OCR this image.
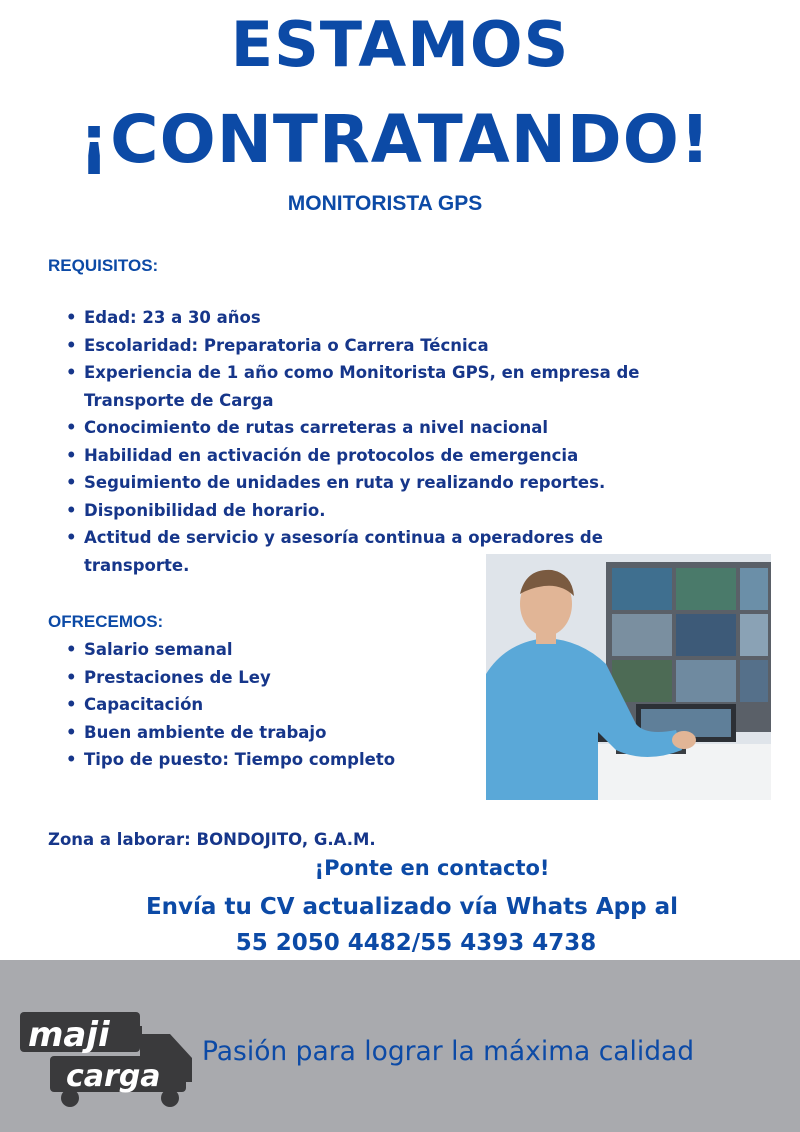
ESTAMOS
¡CONTRATANDO!
MONITORISTA GPS
REQUISITOS:
• Edad: 23 a 30 años
• Escolaridad: Preparatoria o Carrera Técnica
• Experiencia de 1 año como Monitorista GPS, en empresa de Transporte de Carga
• Conocimiento de rutas carreteras a nivel nacional
• Habilidad en activación de protocolos de emergencia
• Seguimiento de unidades en ruta y realizando reportes.
• Disponibilidad de horario.
• Actitud de servicio y asesoría continua a operadores de transporte.
OFRECEMOS:
• Salario semanal
• Prestaciones de Ley
• Capacitación
• Buen ambiente de trabajo
• Tipo de puesto: Tiempo completo
Zona a laborar: BONDOJITO, G.A.M.
¡Ponte en contacto!
Envía tu CV actualizado vía Whats App al
55 2050 4482/55 4393 4738
maji
carga
Pasión para lograr la máxima calidad
